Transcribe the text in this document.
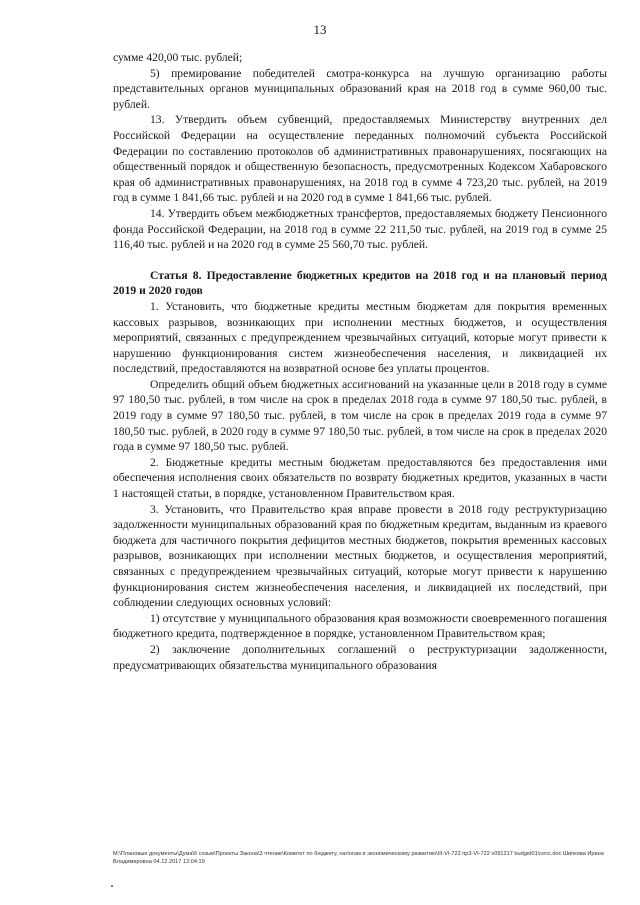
13

сумме 420,00 тыс. рублей;

5) премирование победителей смотра-конкурса на лучшую организацию работы представительных органов муниципальных образований края на 2018 год в сумме 960,00 тыс. рублей.

13. Утвердить объем субвенций, предоставляемых Министерству внутренних дел Российской Федерации на осуществление переданных полномочий субъекта Российской Федерации по составлению протоколов об административных правонарушениях, посягающих на общественный порядок и общественную безопасность, предусмотренных Кодексом Хабаровского края об административных правонарушениях, на 2018 год в сумме 4 723,20 тыс. рублей, на 2019 год в сумме 1 841,66 тыс. рублей и на 2020 год в сумме 1 841,66 тыс. рублей.

14. Утвердить объем межбюджетных трансфертов, предоставляемых бюджету Пенсионного фонда Российской Федерации, на 2018 год в сумме 22 211,50 тыс. рублей, на 2019 год в сумме 25 116,40 тыс. рублей и на 2020 год в сумме 25 560,70 тыс. рублей.

Статья 8. Предоставление бюджетных кредитов на 2018 год и на плановый период 2019 и 2020 годов

1. Установить, что бюджетные кредиты местным бюджетам для покрытия временных кассовых разрывов, возникающих при исполнении местных бюджетов, и осуществления мероприятий, связанных с предупреждением чрезвычайных ситуаций, которые могут привести к нарушению функционирования систем жизнеобеспечения населения, и ликвидацией их последствий, предоставляются на возвратной основе без уплаты процентов.

Определить общий объем бюджетных ассигнований на указанные цели в 2018 году в сумме 97 180,50 тыс. рублей, в том числе на срок в пределах 2018 года в сумме 97 180,50 тыс. рублей, в 2019 году в сумме 97 180,50 тыс. рублей, в том числе на срок в пределах 2019 года в сумме 97 180,50 тыс. рублей, в 2020 году в сумме 97 180,50 тыс. рублей, в том числе на срок в пределах 2020 года в сумме 97 180,50 тыс. рублей.

2. Бюджетные кредиты местным бюджетам предоставляются без предоставления ими обеспечения исполнения своих обязательств по возврату бюджетных кредитов, указанных в части 1 настоящей статьи, в порядке, установленном Правительством края.

3. Установить, что Правительство края вправе провести в 2018 году реструктуризацию задолженности муниципальных образований края по бюджетным кредитам, выданным из краевого бюджета для частичного покрытия дефицитов местных бюджетов, покрытия временных кассовых разрывов, возникающих при исполнении местных бюджетов, и осуществления мероприятий, связанных с предупреждением чрезвычайных ситуаций, которые могут привести к нарушению функционирования систем жизнеобеспечения населения, и ликвидацией их последствий, при соблюдении следующих основных условий:

1) отсутствие у муниципального образования края возможности своевременного погашения бюджетного кредита, подтвержденное в порядке, установленном Правительством края;

2) заключение дополнительных соглашений о реструктуризации задолженности, предусматривающих обязательства муниципального образования

М:\Плановые документы\Дума\6 созыв\Проекты Закона\3 чтение\Комитет по бюджету, налогам и экономическому развитию\III-VI-722 пр3-VI-722 v091217 budget01\сесс.doc Шипкова Ирина Владимировна 04.12.2017 12:04:19
